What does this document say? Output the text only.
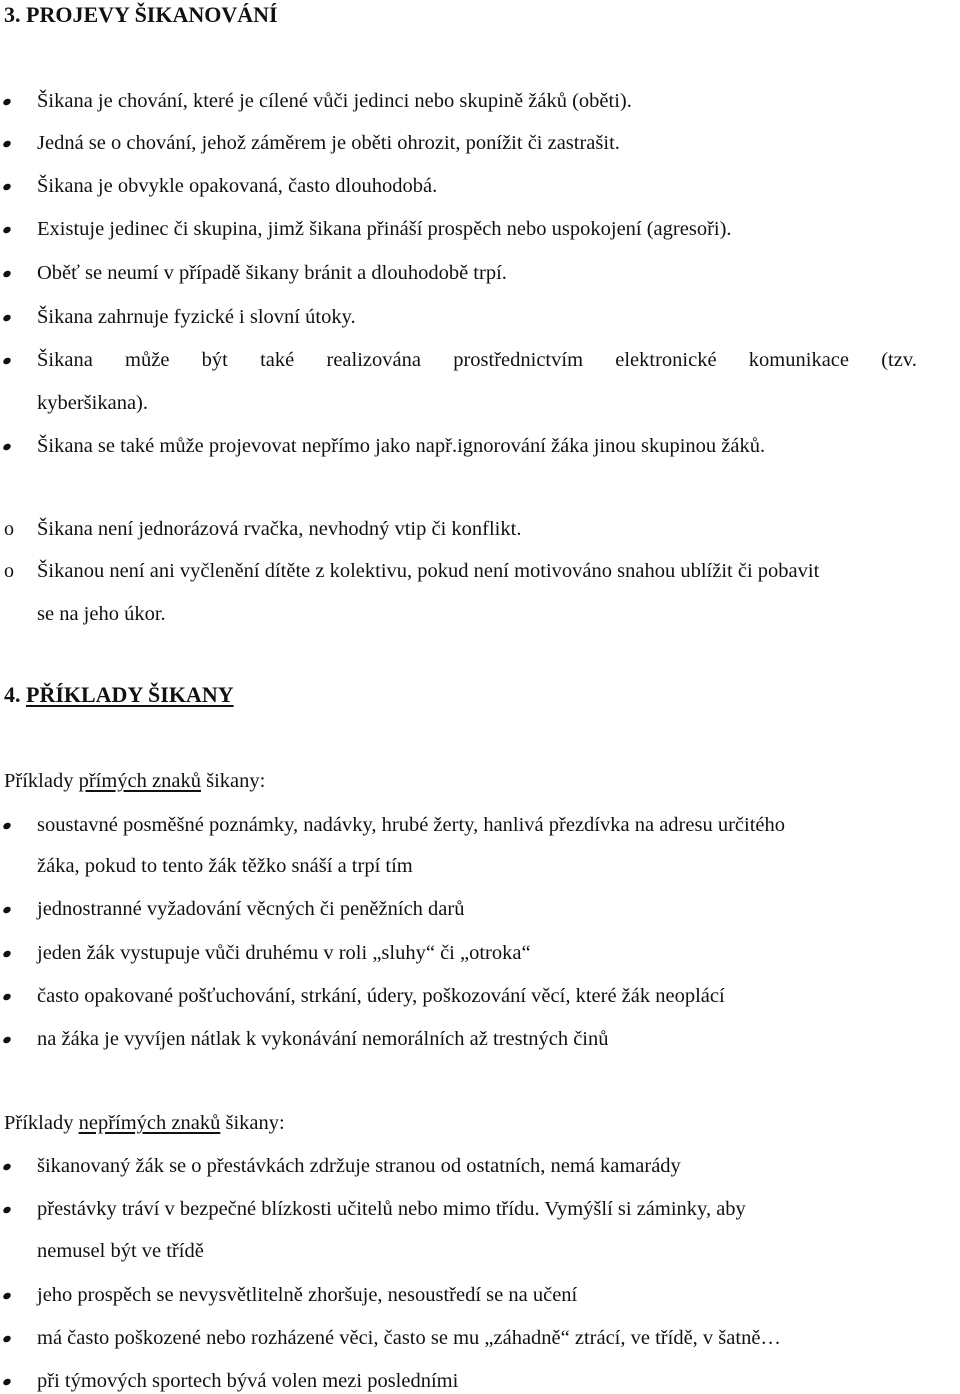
3. PROJEVY ŠIKANOVÁNÍ
Šikana je chování, které je cílené vůči jedinci nebo skupině žáků (oběti).
Jedná se o chování, jehož záměrem je oběti ohrozit, ponížit či zastrašit.
Šikana je obvykle opakovaná, často dlouhodobá.
Existuje jedinec či skupina, jimž šikana přináší prospěch nebo uspokojení (agresoři).
Oběť se neumí v případě šikany bránit a dlouhodobě trpí.
Šikana zahrnuje fyzické i slovní útoky.
Šikana může být také realizována prostřednictvím elektronické komunikace (tzv.
kyberšikana).
Šikana se také může projevovat nepřímo jako např.ignorování žáka jinou skupinou žáků.
o Šikana není jednorázová rvačka, nevhodný vtip či konflikt.
o Šikanou není ani vyčlenění dítěte z kolektivu, pokud není motivováno snahou ublížit či pobavit
se na jeho úkor.
4. PŘÍKLADY ŠIKANY
Příklady přímých znaků šikany:
soustavné posměšné poznámky, nadávky, hrubé žerty, hanlivá přezdívka na adresu určitého
žáka, pokud to tento žák těžko snáší a trpí tím
jednostranné vyžadování věcných či peněžních darů
jeden žák vystupuje vůči druhému v roli „sluhy“ či „otroka“
často opakované pošťuchování, strkání, údery, poškozování věcí, které žák neoplácí
na žáka je vyvíjen nátlak k vykonávání nemorálních až trestných činů
Příklady nepřímých znaků šikany:
šikanovaný žák se o přestávkách zdržuje stranou od ostatních, nemá kamarády
přestávky tráví v bezpečné blízkosti učitelů nebo mimo třídu. Vymýšlí si záminky, aby
nemusel být ve třídě
jeho prospěch se nevysvětlitelně zhoršuje, nesoustředí se na učení
má často poškozené nebo rozházené věci, často se mu „záhadně“ ztrácí, ve třídě, v šatně…
při týmových sportech bývá volen mezi posledními
